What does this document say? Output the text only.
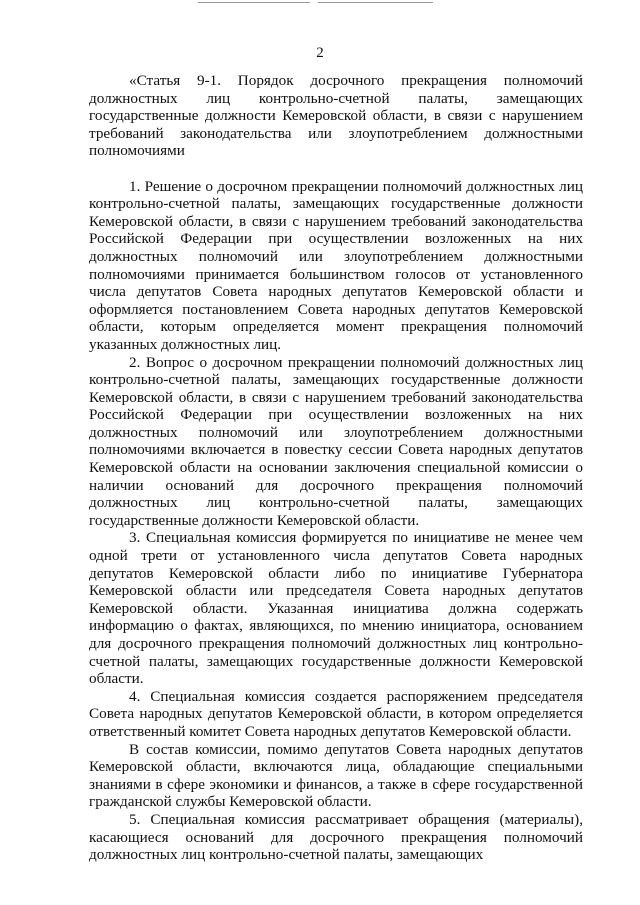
2

«Статья 9-1. Порядок досрочного прекращения полномочий должностных лиц контрольно-счетной палаты, замещающих государственные должности Кемеровской области, в связи с нарушением требований законодательства или злоупотреблением должностными полномочиями

1. Решение о досрочном прекращении полномочий должностных лиц контрольно-счетной палаты, замещающих государственные должности Кемеровской области, в связи с нарушением требований законодательства Российской Федерации при осуществлении возложенных на них должностных полномочий или злоупотреблением должностными полномочиями принимается большинством голосов от установленного числа депутатов Совета народных депутатов Кемеровской области и оформляется постановлением Совета народных депутатов Кемеровской области, которым определяется момент прекращения полномочий указанных должностных лиц.

2. Вопрос о досрочном прекращении полномочий должностных лиц контрольно-счетной палаты, замещающих государственные должности Кемеровской области, в связи с нарушением требований законодательства Российской Федерации при осуществлении возложенных на них должностных полномочий или злоупотреблением должностными полномочиями включается в повестку сессии Совета народных депутатов Кемеровской области на основании заключения специальной комиссии о наличии оснований для досрочного прекращения полномочий должностных лиц контрольно-счетной палаты, замещающих государственные должности Кемеровской области.

3. Специальная комиссия формируется по инициативе не менее чем одной трети от установленного числа депутатов Совета народных депутатов Кемеровской области либо по инициативе Губернатора Кемеровской области или председателя Совета народных депутатов Кемеровской области. Указанная инициатива должна содержать информацию о фактах, являющихся, по мнению инициатора, основанием для досрочного прекращения полномочий должностных лиц контрольно-счетной палаты, замещающих государственные должности Кемеровской области.

4. Специальная комиссия создается распоряжением председателя Совета народных депутатов Кемеровской области, в котором определяется ответственный комитет Совета народных депутатов Кемеровской области.

В состав комиссии, помимо депутатов Совета народных депутатов Кемеровской области, включаются лица, обладающие специальными знаниями в сфере экономики и финансов, а также в сфере государственной гражданской службы Кемеровской области.

5. Специальная комиссия рассматривает обращения (материалы), касающиеся оснований для досрочного прекращения полномочий должностных лиц контрольно-счетной палаты, замещающих
